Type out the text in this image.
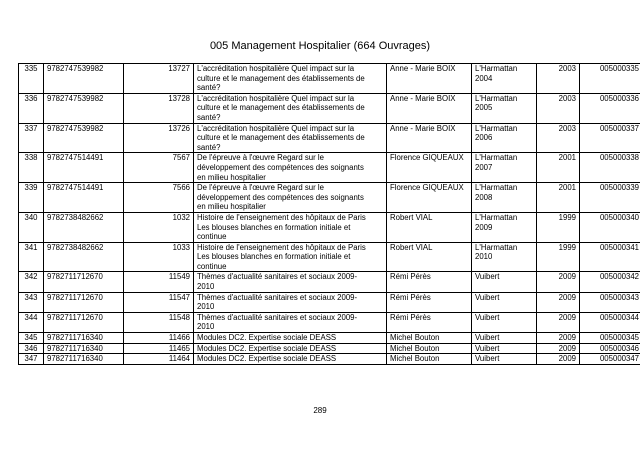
005 Management Hospitalier (664 Ouvrages)
335	9782747539982	13727	L'accréditation hospitalière Quel impact sur la
culture et le management des établissements de
santé?	Anne - Marie BOIX	L'Harmattan
2004	2003	005000335
336	9782747539982	13728	L'accréditation hospitalière Quel impact sur la
culture et le management des établissements de
santé?	Anne - Marie BOIX	L'Harmattan
2005	2003	005000336
337	9782747539982	13726	L'accréditation hospitalière Quel impact sur la
culture et le management des établissements de
santé?	Anne - Marie BOIX	L'Harmattan
2006	2003	005000337
338	9782747514491	7567	De l'épreuve à l'œuvre Regard sur le
développement des compétences des soignants
en milieu hospitalier	Florence GIQUEAUX	L'Harmattan
2007	2001	005000338
339	9782747514491	7566	De l'épreuve à l'œuvre Regard sur le
développement des compétences des soignants
en milieu hospitalier	Florence GIQUEAUX	L'Harmattan
2008	2001	005000339
340	9782738482662	1032	Histoire de l'enseignement des hôpitaux de Paris
Les blouses blanches en formation initiale et
continue	Robert VIAL	L'Harmattan
2009	1999	005000340
341	9782738482662	1033	Histoire de l'enseignement des hôpitaux de Paris
Les blouses blanches en formation initiale et
continue	Robert VIAL	L'Harmattan
2010	1999	005000341
342	9782711712670	11549	Thèmes d'actualité sanitaires et sociaux 2009-
2010	Rémi Pérès	Vuibert	2009	005000342
343	9782711712670	11547	Thèmes d'actualité sanitaires et sociaux 2009-
2010	Rémi Pérès	Vuibert	2009	005000343
344	9782711712670	11548	Thèmes d'actualité sanitaires et sociaux 2009-
2010	Rémi Pérès	Vuibert	2009	005000344
345	9782711716340	11466	Modules DC2. Expertise sociale DEASS	Michel Bouton	Vuibert	2009	005000345
346	9782711716340	11465	Modules DC2. Expertise sociale DEASS	Michel Bouton	Vuibert	2009	005000346
347	9782711716340	11464	Modules DC2. Expertise sociale DEASS	Michel Bouton	Vuibert	2009	005000347
289
